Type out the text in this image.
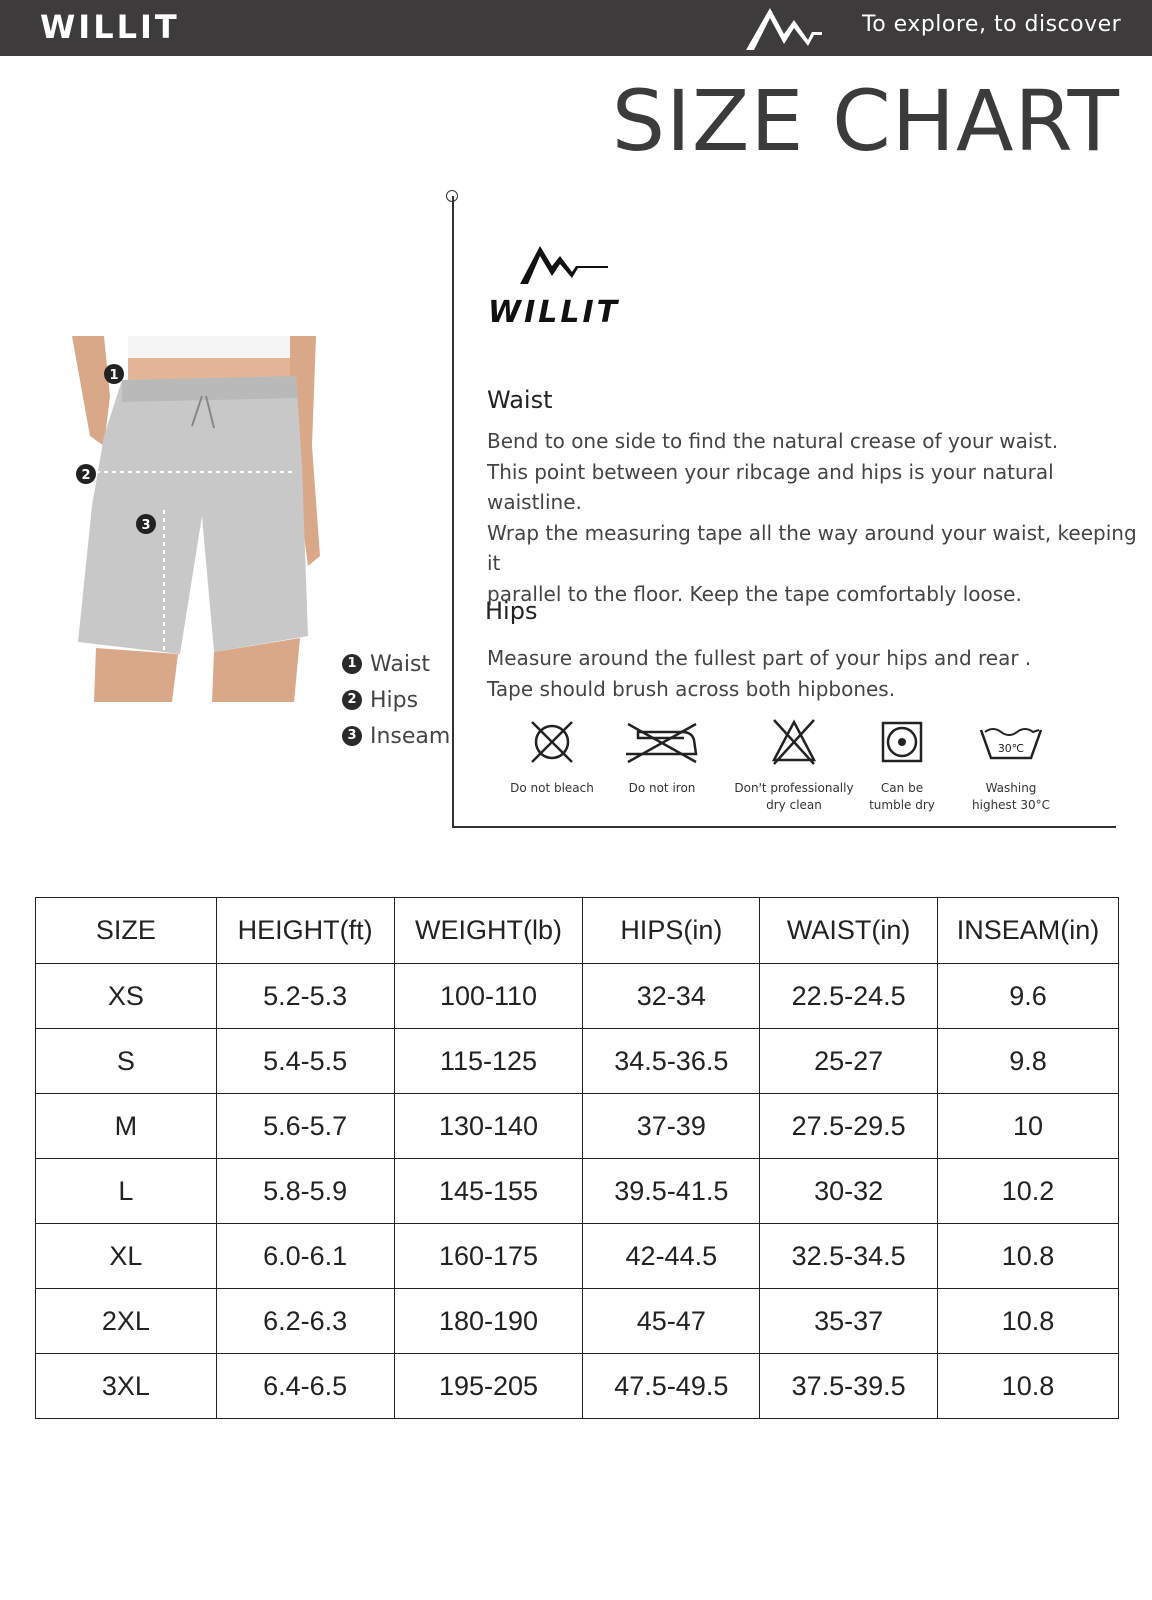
WILLIT	To explore, to discover
SIZE CHART
WILLIT
1
2
3
1 Waist
2 Hips
3 Inseam
Waist

Bend to one side to find the natural crease of your waist.

This point between your ribcage and hips is your natural waistline.

Wrap the measuring tape all the way around your waist, keeping it

parallel to the floor. Keep the tape comfortably loose.

Hips

Measure around the fullest part of your hips and rear .

Tape should brush across both hipbones.

Do not bleach	Do not iron	Don't professionally
dry clean
Can be
tumble dry
30℃
Washing
highest 30°C
SIZE	HEIGHT(ft)	WEIGHT(lb)	HIPS(in)	WAIST(in)	INSEAM(in)
XS	5.2-5.3	100-110	32-34	22.5-24.5	9.6
S	5.4-5.5	115-125	34.5-36.5	25-27	9.8
M	5.6-5.7	130-140	37-39	27.5-29.5	10
L	5.8-5.9	145-155	39.5-41.5	30-32	10.2
XL	6.0-6.1	160-175	42-44.5	32.5-34.5	10.8
2XL	6.2-6.3	180-190	45-47	35-37	10.8
3XL	6.4-6.5	195-205	47.5-49.5	37.5-39.5	10.8
